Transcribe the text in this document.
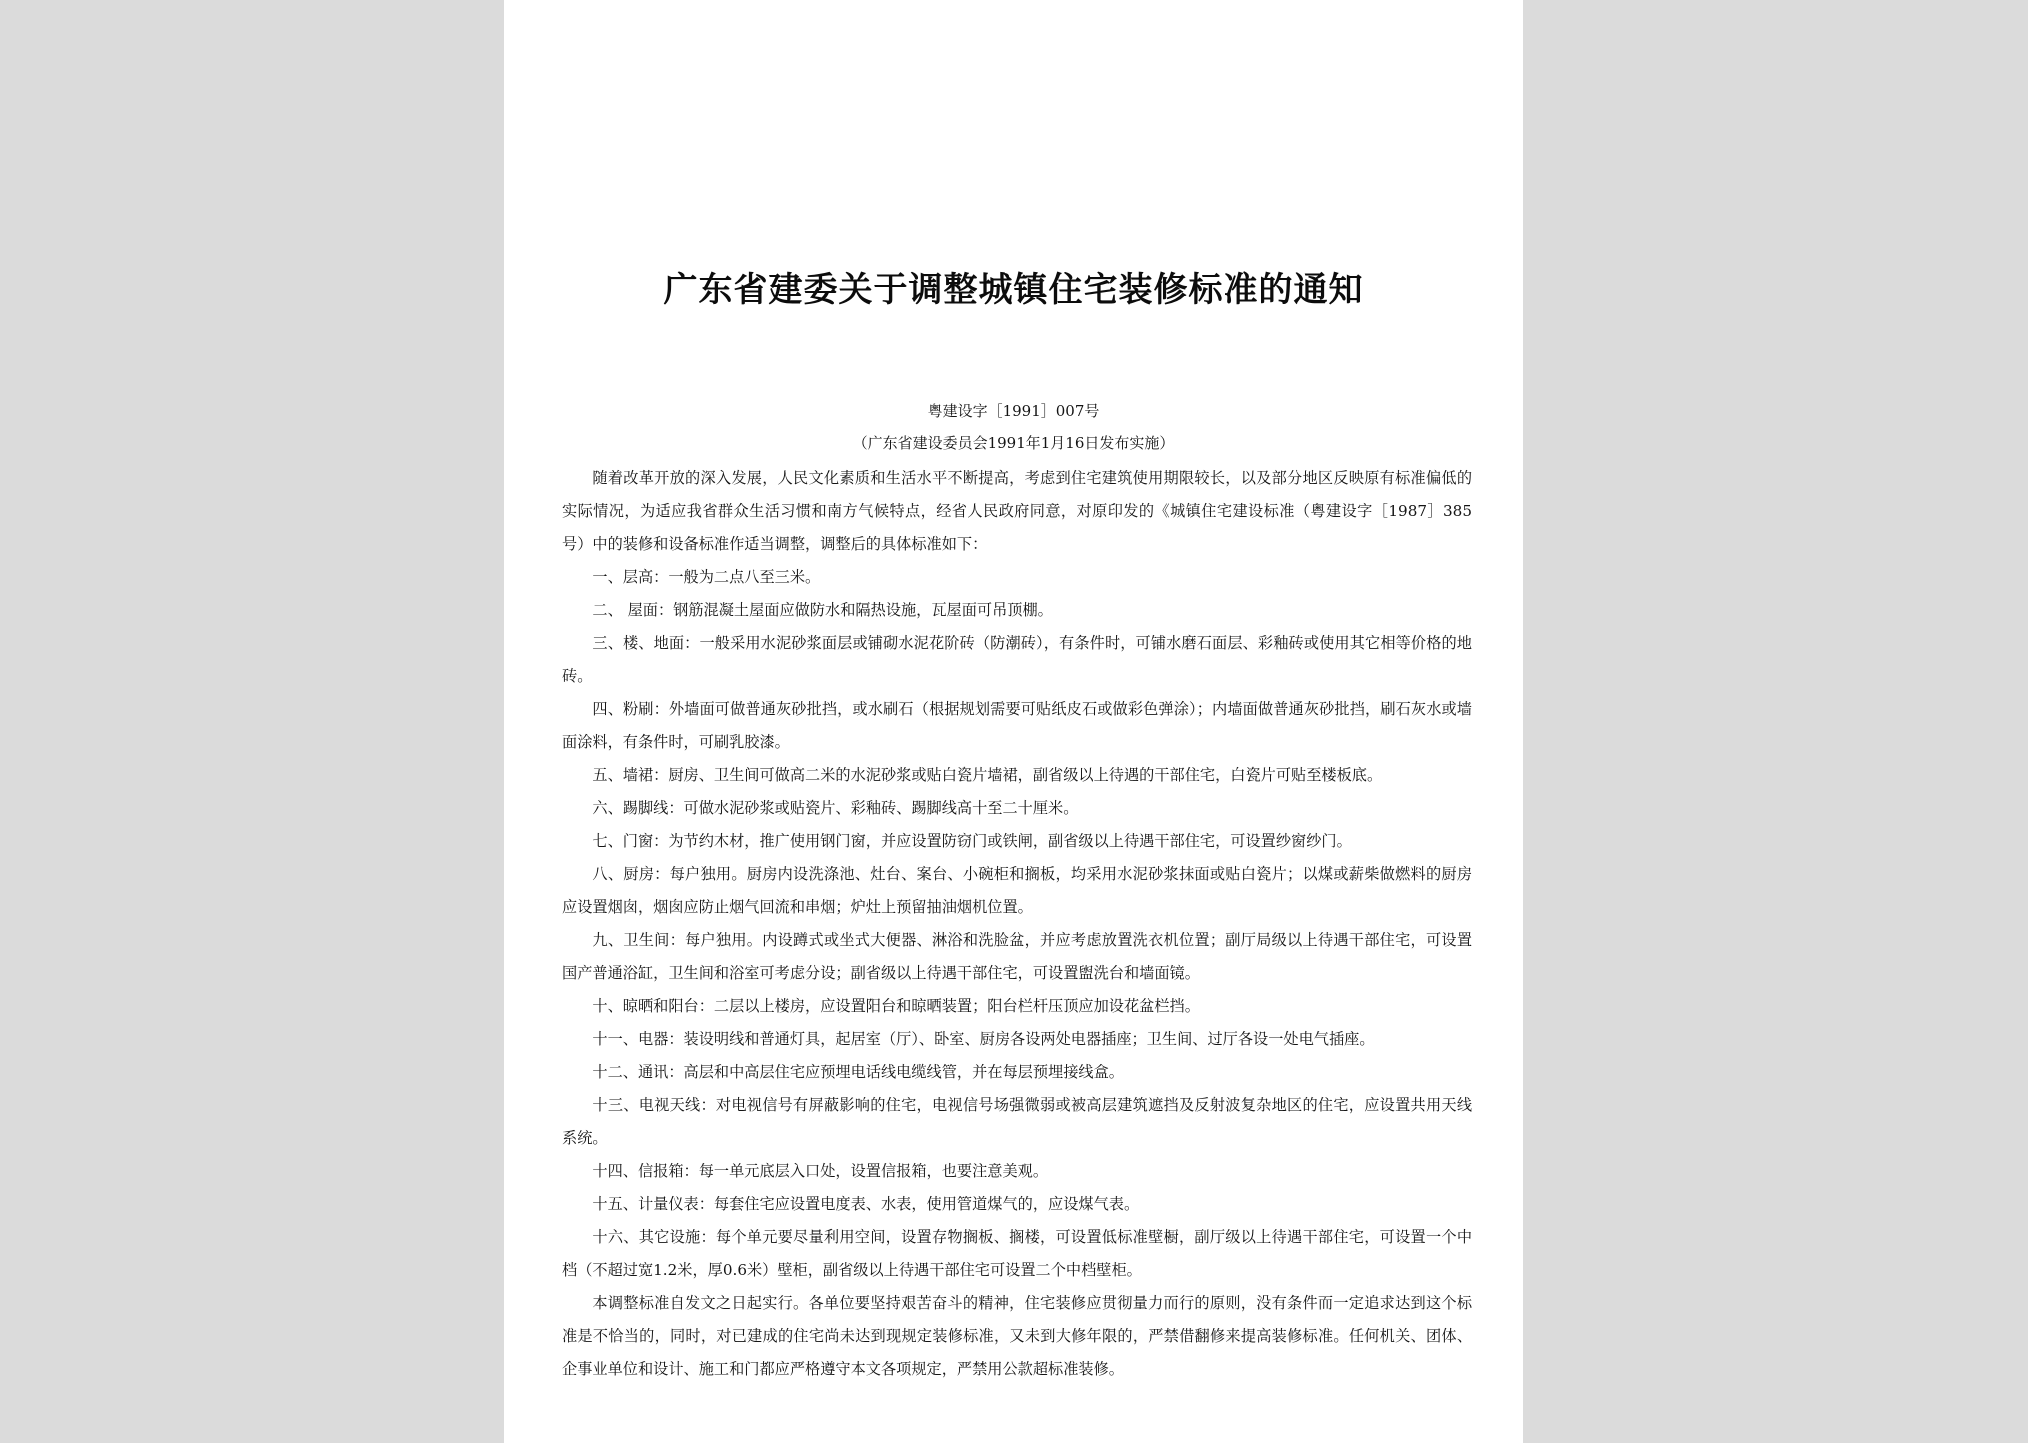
广东省建委关于调整城镇住宅装修标准的通知

粤建设字［1991］007号

（广东省建设委员会1991年1月16日发布实施）

随着改革开放的深入发展，人民文化素质和生活水平不断提高，考虑到住宅建筑使用期限较长，以及部分地区反映原有标准偏低的实际情况，为适应我省群众生活习惯和南方气候特点，经省人民政府同意，对原印发的《城镇住宅建设标准（粤建设字［1987］385号）中的装修和设备标准作适当调整，调整后的具体标准如下：

一、层高：一般为二点八至三米。

二、 屋面：钢筋混凝土屋面应做防水和隔热设施，瓦屋面可吊顶棚。

三、楼、地面：一般采用水泥砂浆面层或铺砌水泥花阶砖（防潮砖），有条件时，可铺水磨石面层、彩釉砖或使用其它相等价格的地砖。

四、粉刷：外墙面可做普通灰砂批挡，或水刷石（根据规划需要可贴纸皮石或做彩色弹涂）；内墙面做普通灰砂批挡，刷石灰水或墙面涂料，有条件时，可刷乳胶漆。

五、墙裙：厨房、卫生间可做高二米的水泥砂浆或贴白瓷片墙裙，副省级以上待遇的干部住宅，白瓷片可贴至楼板底。

六、踢脚线：可做水泥砂浆或贴瓷片、彩釉砖、踢脚线高十至二十厘米。

七、门窗：为节约木材，推广使用钢门窗，并应设置防窃门或铁闸，副省级以上待遇干部住宅，可设置纱窗纱门。

八、厨房：每户独用。厨房内设洗涤池、灶台、案台、小碗柜和搁板，均采用水泥砂浆抹面或贴白瓷片；以煤或薪柴做燃料的厨房应设置烟囱，烟囱应防止烟气回流和串烟；炉灶上预留抽油烟机位置。

九、卫生间：每户独用。内设蹲式或坐式大便器、淋浴和洗脸盆，并应考虑放置洗衣机位置；副厅局级以上待遇干部住宅，可设置国产普通浴缸，卫生间和浴室可考虑分设；副省级以上待遇干部住宅，可设置盥洗台和墙面镜。

十、晾晒和阳台：二层以上楼房，应设置阳台和晾晒装置；阳台栏杆压顶应加设花盆栏挡。

十一、电器：装设明线和普通灯具，起居室（厅）、卧室、厨房各设两处电器插座；卫生间、过厅各设一处电气插座。

十二、通讯：高层和中高层住宅应预埋电话线电缆线管，并在每层预埋接线盒。

十三、电视天线：对电视信号有屏蔽影响的住宅，电视信号场强微弱或被高层建筑遮挡及反射波复杂地区的住宅，应设置共用天线系统。

十四、信报箱：每一单元底层入口处，设置信报箱，也要注意美观。

十五、计量仪表：每套住宅应设置电度表、水表，使用管道煤气的，应设煤气表。

十六、其它设施：每个单元要尽量利用空间，设置存物搁板、搁楼，可设置低标准壁橱，副厅级以上待遇干部住宅，可设置一个中档（不超过宽1.2米，厚0.6米）壁柜，副省级以上待遇干部住宅可设置二个中档壁柜。

本调整标准自发文之日起实行。各单位要坚持艰苦奋斗的精神，住宅装修应贯彻量力而行的原则，没有条件而一定追求达到这个标准是不恰当的，同时，对已建成的住宅尚未达到现规定装修标准，又未到大修年限的，严禁借翻修来提高装修标准。任何机关、团体、企事业单位和设计、施工和门都应严格遵守本文各项规定，严禁用公款超标准装修。
